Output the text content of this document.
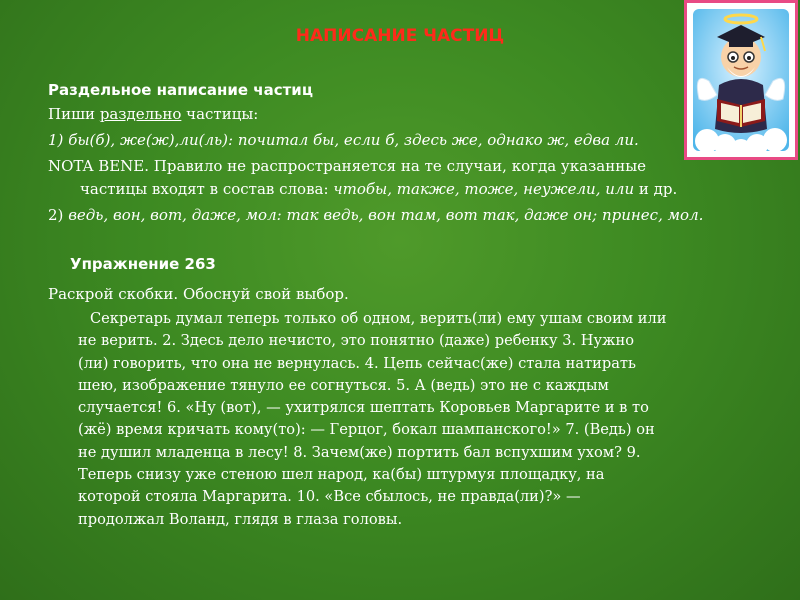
НАПИСАНИЕ ЧАСТИЦ
Раздельное написание частиц
Пиши раздельно частицы:
1) бы(б), же(ж),ли(ль): почитал бы, если б, здесь же, однако ж, едва ли.
NOTA BENE. Правило не распространяется на те случаи, когда указанные
частицы входят в состав слова: чтобы, также, тоже, неужели, или и др.
2) ведь, вон, вот, даже, мол: так ведь, вон там, вот так, даже он; принес, мол.
Упражнение 263
Раскрой скобки. Обоснуй свой выбор.

Секретарь думал теперь только об одном, верить(ли) ему ушам своим или

не верить. 2. Здесь дело нечисто, это понятно (даже) ребенку 3. Нужно

(ли) говорить, что она не вернулась. 4. Цепь сейчас(же) стала натирать

шею, изображение тянуло ее согнуться. 5. А (ведь) это не с каждым

случается! 6. «Ну (вот), — ухитрялся шептать Коровьев Маргарите и в то

(жё) время кричать кому(то): — Герцог, бокал шампанского!» 7. (Ведь) он

не душил младенца в лесу! 8. Зачем(же) портить бал вспухшим ухом? 9.

Теперь снизу уже стеною шел народ, ка(бы) штурмуя площадку, на

которой стояла Маргарита. 10. «Все сбылось, не правда(ли)?» —

продолжал Воланд, глядя в глаза головы.
